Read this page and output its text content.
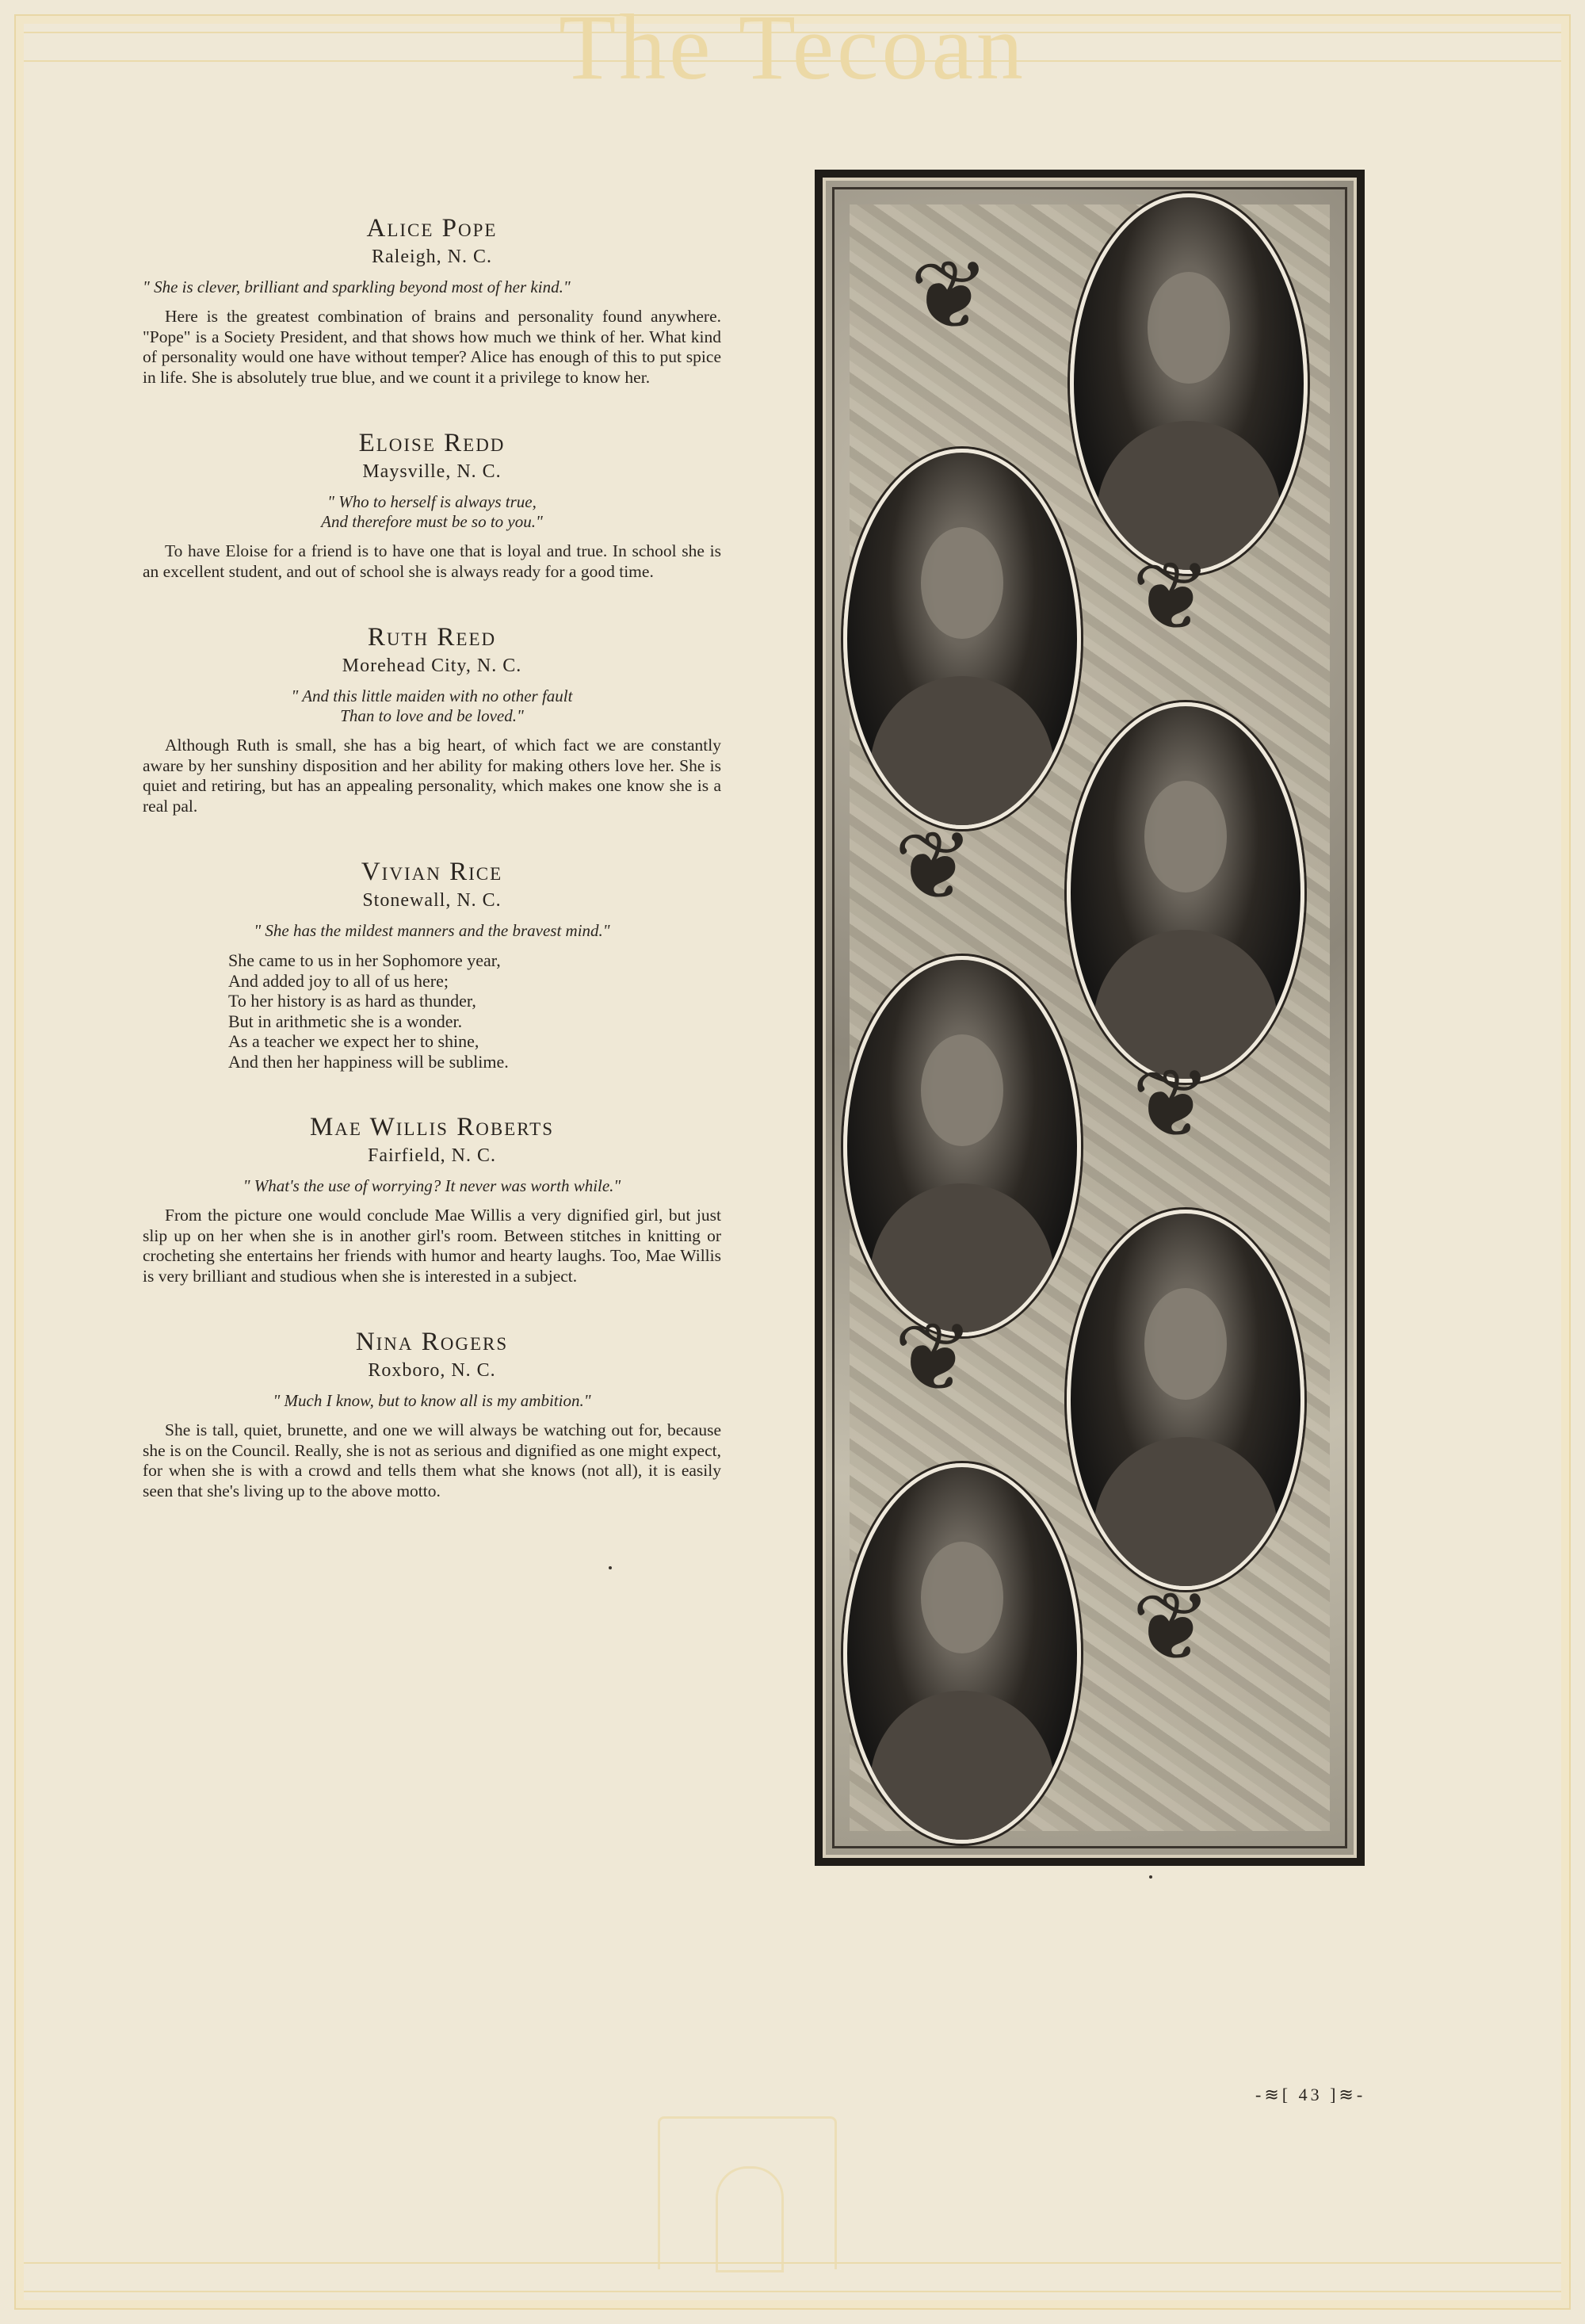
The Tecoan
Alice Pope
Raleigh, N. C.
" She is clever, brilliant and sparkling beyond most of her kind."
Here is the greatest combination of brains and personality found anywhere. "Pope" is a Society President, and that shows how much we think of her. What kind of personality would one have without temper? Alice has enough of this to put spice in life. She is absolutely true blue, and we count it a privilege to know her.
Eloise Redd
Maysville, N. C.
" Who to herself is always true,
And therefore must be so to you."
To have Eloise for a friend is to have one that is loyal and true. In school she is an excellent student, and out of school she is always ready for a good time.
Ruth Reed
Morehead City, N. C.
" And this little maiden with no other fault
Than to love and be loved."
Although Ruth is small, she has a big heart, of which fact we are constantly aware by her sunshiny disposition and her ability for making others love her. She is quiet and retiring, but has an appealing personality, which makes one know she is a real pal.
Vivian Rice
Stonewall, N. C.
" She has the mildest manners and the bravest mind."
She came to us in her Sophomore year,
And added joy to all of us here;
To her history is as hard as thunder,
But in arithmetic she is a wonder.
As a teacher we expect her to shine,
And then her happiness will be sublime.
Mae Willis Roberts
Fairfield, N. C.
" What's the use of worrying? It never was worth while."
From the picture one would conclude Mae Willis a very dignified girl, but just slip up on her when she is in another girl's room. Between stitches in knitting or crocheting she entertains her friends with humor and hearty laughs. Too, Mae Willis is very brilliant and studious when she is interested in a subject.
Nina Rogers
Roxboro, N. C.
" Much I know, but to know all is my ambition."
She is tall, quiet, brunette, and one we will always be watching out for, because she is on the Council. Really, she is not as serious and dignified as one might expect, for when she is with a crowd and tells them what she knows (not all), it is easily seen that she's living up to the above motto.
❦
❦
❦
❦
❦
❦
-≋[ 43 ]≋-
